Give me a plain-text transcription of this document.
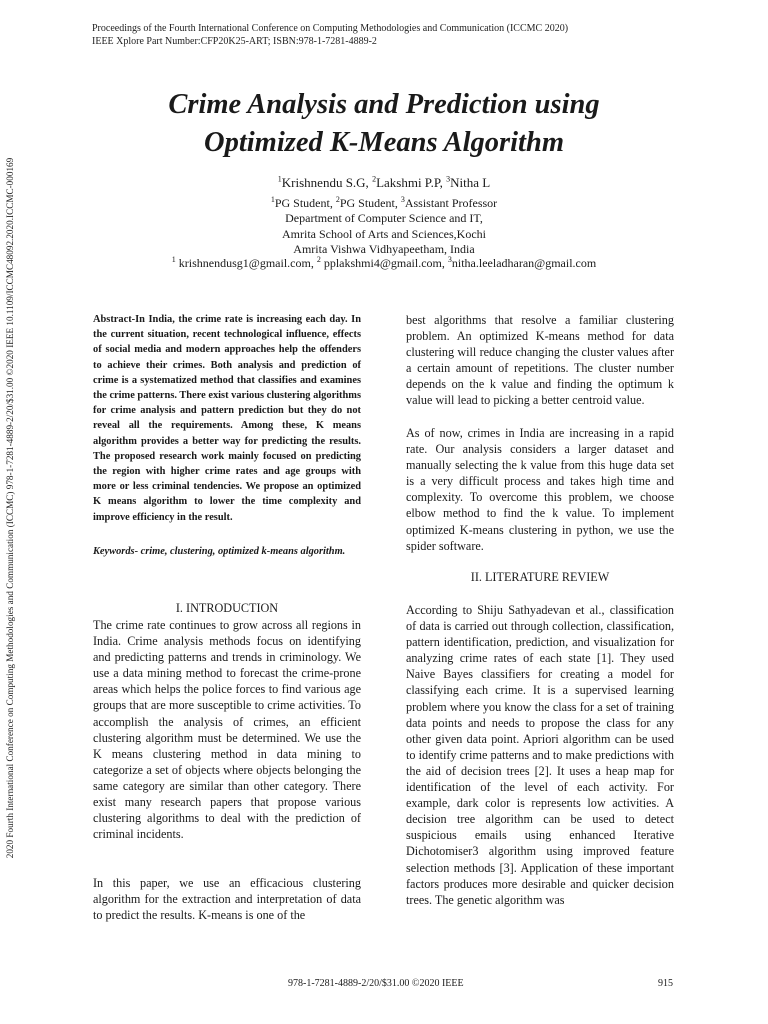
Proceedings of the Fourth International Conference on Computing Methodologies and Communication (ICCMC 2020)
IEEE Xplore Part Number:CFP20K25-ART; ISBN:978-1-7281-4889-2
2020 Fourth International Conference on Computing Methodologies and Communication (ICCMC) 978-1-7281-4889-2/20/$31.00 ©2020 IEEE 10.1109/ICCMC48092.2020.ICCMC-000169
Crime Analysis and Prediction using
Optimized K-Means Algorithm
$^1$Krishnendu S.G, $^2$Lakshmi P.P, $^3$Nitha L
$^1$PG Student, $^2$PG Student, $^3$Assistant Professor
Department of Computer Science and IT,
Amrita School of Arts and Sciences,Kochi
Amrita Vishwa Vidhyapeetham, India
$^1$ krishnendusg1@gmail.com, $^2$ pplakshmi4@gmail.com, $^3$nitha.leeladharan@gmail.com
Abstract-In India, the crime rate is increasing each day. In the current situation, recent technological influence, effects of social media and modern approaches help the offenders to achieve their crimes. Both analysis and prediction of crime is a systematized method that classifies and examines the crime patterns. There exist various clustering algorithms for crime analysis and pattern prediction but they do not reveal all the requirements. Among these, K means algorithm provides a better way for predicting the results. The proposed research work mainly focused on predicting the region with higher crime rates and age groups with more or less criminal tendencies. We propose an optimized K means algorithm to lower the time complexity and improve efficiency in the result.
Keywords- crime, clustering, optimized k-means algorithm.
I. INTRODUCTION
The crime rate continues to grow across all regions in India. Crime analysis methods focus on identifying and predicting patterns and trends in criminology. We use a data mining method to forecast the crime-prone areas which helps the police forces to find various age groups that are more susceptible to crime activities. To accomplish the analysis of crimes, an efficient clustering algorithm must be determined. We use the K means clustering method in data mining to categorize a set of objects where objects belonging the same category are similar than other category. There exist many research papers that propose various clustering algorithms to deal with the prediction of criminal incidents.
In this paper, we use an efficacious clustering algorithm for the extraction and interpretation of data to predict the results. K-means is one of the
best algorithms that resolve a familiar clustering problem. An optimized K-means method for data clustering will reduce changing the cluster values after a certain amount of repetitions. The cluster number depends on the k value and finding the optimum k value will lead to picking a better centroid value.
As of now, crimes in India are increasing in a rapid rate. Our analysis considers a larger dataset and manually selecting the k value from this huge data set is a very difficult process and takes high time and complexity. To overcome this problem, we choose elbow method to find the k value. To implement optimized K-means clustering in python, we use the spider software.
II. LITERATURE REVIEW
According to Shiju Sathyadevan et al., classification of data is carried out through collection, classification, pattern identification, prediction, and visualization for analyzing crime rates of each state [1]. They used Naive Bayes classifiers for creating a model for classifying each crime. It is a supervised learning problem where you know the class for a set of training data points and needs to propose the class for any other given data point. Apriori algorithm can be used to identify crime patterns and to make predictions with the aid of decision trees [2]. It uses a heap map for identification of the level of each activity. For example, dark color is represents low activities. A decision tree algorithm can be used to detect suspicious emails using enhanced Iterative Dichotomiser3 algorithm using improved feature selection methods [3]. Application of these important factors produces more desirable and quicker decision trees. The genetic algorithm was
978-1-7281-4889-2/20/$31.00 ©2020 IEEE	915
